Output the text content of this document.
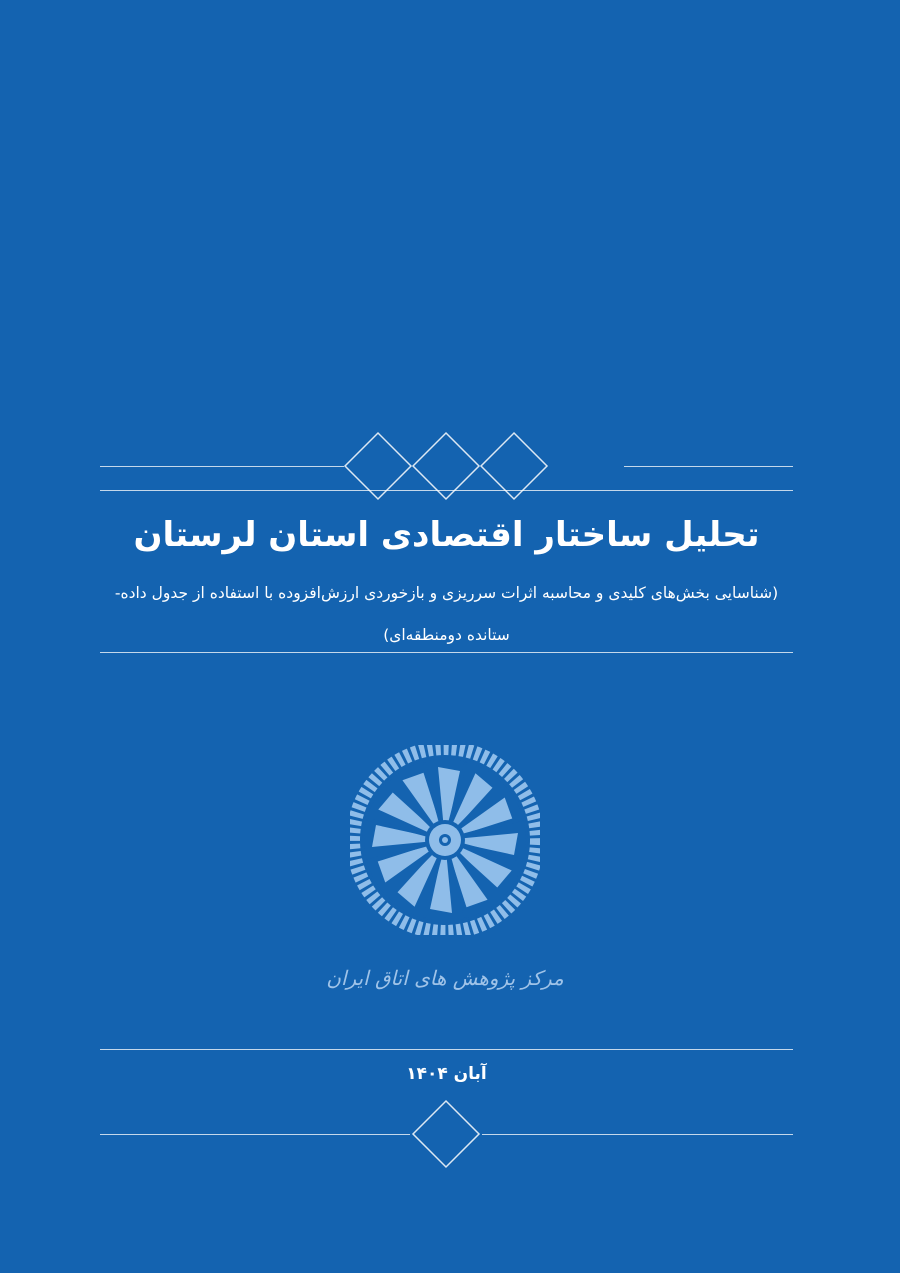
تحلیل ساختار اقتصادی استان لرستان
(شناسایی بخش‌های کلیدی و محاسبه اثرات سرریزی و بازخوردی ارزش‌افزوده با استفاده از جدول داده-ستانده دومنطقه‌ای)
مرکز پژوهش های اتاق ایران
آبان ۱۴۰۴
